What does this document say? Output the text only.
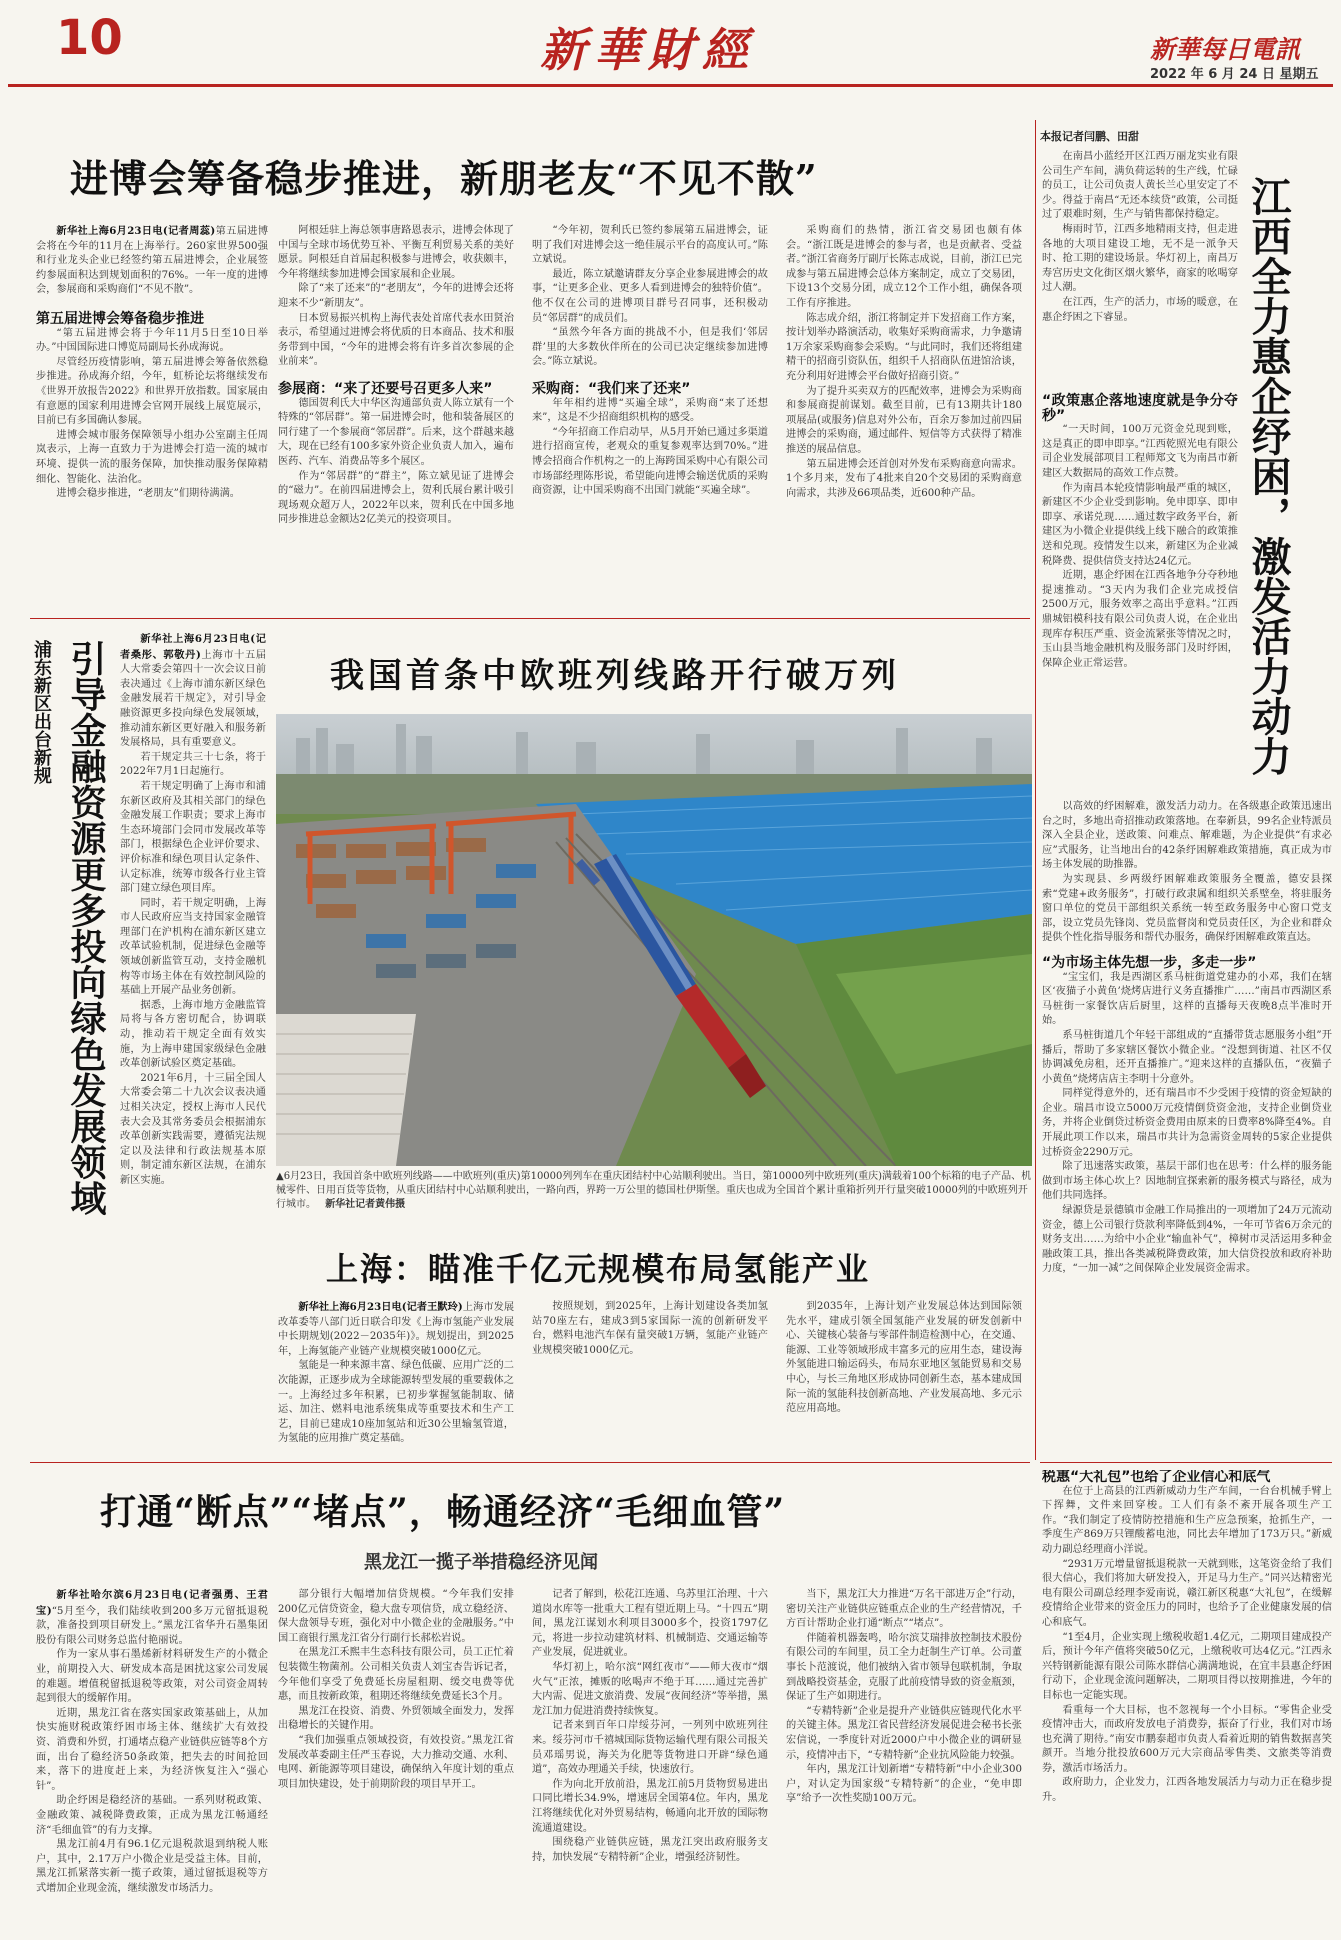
10	新華財經	新華每日電訊
2022 年 6 月 24 日 星期五
进博会筹备稳步推进，新朋老友“不见不散”

新华社上海6月23日电(记者周蕊)第五届进博会将在今年的11月在上海举行。260家世界500强和行业龙头企业已经签约第五届进博会，企业展签约参展面积达到规划面积的76%。一年一度的进博会，参展商和采购商们“不见不散”。

第五届进博会筹备稳步推进

“第五届进博会将于今年11月5日至10日举办。”中国国际进口博览局副局长孙成海说。

尽管经历疫情影响，第五届进博会筹备依然稳步推进。孙成海介绍，今年，虹桥论坛将继续发布《世界开放报告2022》和世界开放指数。国家展由有意愿的国家利用进博会官网开展线上展览展示，目前已有多国确认参展。

进博会城市服务保障领导小组办公室副主任周岚表示，上海一直致力于为进博会打造一流的城市环境、提供一流的服务保障，加快推动服务保障精细化、智能化、法治化。

进博会稳步推进，“老朋友”们期待满满。

阿根廷驻上海总领事唐路恩表示，进博会体现了中国与全球市场优势互补、平衡互利贸易关系的美好愿景。阿根廷自首届起积极参与进博会，收获颇丰，今年将继续参加进博会国家展和企业展。

除了“来了还来”的“老朋友”，今年的进博会还将迎来不少“新朋友”。

日本贸易振兴机构上海代表处首席代表水田贤治表示，希望通过进博会将优质的日本商品、技术和服务带到中国，“今年的进博会将有许多首次参展的企业前来”。

参展商：“来了还要号召更多人来”

德国贺利氏大中华区沟通部负责人陈立斌有一个特殊的“邻居群”。第一届进博会时，他和装备展区的同行建了一个参展商“邻居群”。后来，这个群越来越大，现在已经有100多家外资企业负责人加入，遍布医药、汽车、消费品等多个展区。

作为“邻居群”的“群主”，陈立斌见证了进博会的“磁力”。在前四届进博会上，贺利氏展台累计吸引现场观众超万人，2022年以来，贺利氏在中国多地同步推进总金额达2亿美元的投资项目。

“今年初，贺利氏已签约参展第五届进博会，证明了我们对进博会这一绝佳展示平台的高度认可。”陈立斌说。

最近，陈立斌邀请群友分享企业参展进博会的故事，“让更多企业、更多人看到进博会的独特价值”。他不仅在公司的进博项目群号召同事，还积极动员“邻居群”的成员们。

“虽然今年各方面的挑战不小，但是我们‘邻居群’里的大多数伙伴所在的公司已决定继续参加进博会。”陈立斌说。

采购商：“我们来了还来”

年年相约进博“买遍全球”，采购商“来了还想来”，这是不少招商组织机构的感受。

“今年招商工作启动早，从5月开始已通过多渠道进行招商宣传，老观众的重复参观率达到70%。”进博会招商合作机构之一的上海跨国采购中心有限公司市场部经理陈彤说，希望能向进博会输送优质的采购商资源，让中国采购商不出国门就能“买遍全球”。

采购商们的热情，浙江省交易团也颇有体会。“浙江既是进博会的参与者，也是贡献者、受益者。”浙江省商务厅副厅长陈志成说，目前，浙江已完成参与第五届进博会总体方案制定，成立了交易团，下设13个交易分团，成立12个工作小组，确保各项工作有序推进。

陈志成介绍，浙江将制定并下发招商工作方案，按计划举办路演活动，收集好采购商需求，力争邀请1万余家采购商参会采购。“与此同时，我们还将组建精干的招商引资队伍，组织千人招商队伍进馆洽谈，充分利用好进博会平台做好招商引资。”

为了提升买卖双方的匹配效率，进博会为采购商和参展商提前谋划。截至目前，已有13期共计180项展品(或服务)信息对外公布，百余万参加过前四届进博会的采购商，通过邮件、短信等方式获得了精准推送的展品信息。

第五届进博会还首创对外发布采购商意向需求。1个多月来，发布了4批来自20个交易团的采购商意向需求，共涉及66项品类，近600种产品。

本报记者闫鹏、田甜
江西全力惠企纾困，激发活力动力

在南昌小蓝经开区江西万丽龙实业有限公司生产车间，满负荷运转的生产线，忙碌的员工，让公司负责人黄长兰心里安定了不少。得益于南昌“无还本续贷”政策，公司挺过了艰难时刻，生产与销售都保持稳定。

梅雨时节，江西多地精雨支持，但走进各地的大项目建设工地，无不是一派争天时、抢工期的建设场景。华灯初上，南昌万寿宫历史文化街区烟火繁华，商家的吆喝穿过人潮。

在江西，生产的活力，市场的暖意，在惠企纾困之下睿显。

“政策惠企落地速度就是争分夺秒”

“一天时间，100万元资金兑现到账，这是真正的即申即享。”江西乾照光电有限公司企业发展部项目工程师郑文飞为南昌市新建区大数据局的高效工作点赞。

作为南昌本轮疫情影响最严重的城区，新建区不少企业受到影响。免申即享、即申即享、承诺兑现……通过数字政务平台，新建区为小微企业提供线上线下融合的政策推送和兑现。疫情发生以来，新建区为企业减税降费、提供信贷支持达24亿元。

近期，惠企纾困在江西各地争分夺秒地提速推动。“3天内为我们企业完成授信2500万元，服务效率之高出乎意料。”江西鼎城铝模科技有限公司负责人说，在企业出现库存积压严重、资金流紧张等情况之时，玉山县当地金融机构及服务部门及时纾困，保障企业正常运营。

以高效的纾困解难，激发活力动力。在各级惠企政策迅速出台之时，多地出奇招推动政策落地。在奉新县，99名企业特派员深入全县企业，送政策、问难点、解难题，为企业提供“有求必应”式服务，让当地出台的42条纾困解难政策措施，真正成为市场主体发展的助推器。

为实现县、乡两级纾困解难政策服务全覆盖，德安县探索“党建+政务服务”，打破行政隶属和组织关系壁垒，将驻服务窗口单位的党员干部组织关系统一转至政务服务中心窗口党支部，设立党员先锋岗、党员监督岗和党员责任区，为企业和群众提供个性化指导服务和帮代办服务，确保纾困解难政策直达。

“为市场主体先想一步，多走一步”

“宝宝们，我是西湖区系马桩街道党建办的小邓，我们在辖区‘夜猫子小黄鱼’烧烤店进行义务直播推广……”南昌市西湖区系马桩街一家餐饮店后厨里，这样的直播每天夜晚8点半准时开始。

系马桩街道几个年轻干部组成的“直播带货志愿服务小组”开播后，帮助了多家辖区餐饮小微企业。“没想到街道、社区不仅协调减免房租，还开直播推广。”迎来这样的直播队伍，“夜猫子小黄鱼”烧烤店店主李明十分意外。

同样觉得意外的，还有瑞昌市不少受困于疫情的资金短缺的企业。瑞昌市设立5000万元疫情倒贷资金池，支持企业倒贷业务，并将企业倒贷过桥资金费用由原来的日费率8%降至4%。自开展此项工作以来，瑞昌市共计为急需资金周转的5家企业提供过桥资金2290万元。

除了迅速落实政策，基层干部们也在思考：什么样的服务能做到市场主体心坎上？因地制宜探索新的服务模式与路径，成为他们共同选择。

绿源贷是景德镇市金融工作局推出的一项增加了24万元流动资金，德上公司银行贷款利率降低到4%，一年可节省6万余元的财务支出……为给中小企业“输血补气”，樟树市灵活运用多种金融政策工具，推出各类减税降费政策，加大信贷投放和政府补助力度，“一加一减”之间保障企业发展资金需求。

税惠“大礼包”也给了企业信心和底气

在位于上高县的江西新威动力生产车间，一台台机械手臂上下挥舞，文件来回穿梭。工人们有条不紊开展各项生产工作。“我们制定了疫情防控措施和生产应急预案，抢抓生产，一季度生产869万只锂酸蓄电池，同比去年增加了173万只。”新威动力副总经理商小洋说。

“2931万元增量留抵退税款一天就到账，这笔资金给了我们很大信心，我们将加大研发投入，开足马力生产。”同兴达精密光电有限公司副总经理李爱南说，赣江新区税惠“大礼包”，在缓解疫情给企业带来的资金压力的同时，也给予了企业健康发展的信心和底气。

“1至4月，企业实现上缴税收超1.4亿元，二期项目建成投产后，预计今年产值将突破50亿元，上缴税收可达4亿元。”江西永兴特钢新能源有限公司陈水群信心满满地说，在宜丰县惠企纾困行动下，企业现金流问题解决，二期项目得以按期推进，今年的目标也一定能实现。

看重每一个大目标，也不忽视每一个小目标。“零售企业受疫情冲击大，而政府发放电子消费券，振奋了行业，我们对市场也充满了期待。”南安市鹏泰超市负责人看着近期的销售数据喜笑颜开。当地分批投放600万元大宗商品零售类、文旅类等消费券，激活市场活力。

政府助力，企业发力，江西各地发展活力与动力正在稳步提升。

浦东新区出台新规 引导金融资源更多投向绿色发展领域

新华社上海6月23日电(记者桑彤、郭敬丹)上海市十五届人大常委会第四十一次会议日前表决通过《上海市浦东新区绿色金融发展若干规定》，对引导金融资源更多投向绿色发展领域，推动浦东新区更好融入和服务新发展格局，具有重要意义。

若干规定共三十七条，将于2022年7月1日起施行。

若干规定明确了上海市和浦东新区政府及其相关部门的绿色金融发展工作职责；要求上海市生态环境部门会同市发展改革等部门，根据绿色企业评价要求、评价标准和绿色项目认定条件、认定标准，统筹市级各行业主管部门建立绿色项目库。

同时，若干规定明确，上海市人民政府应当支持国家金融管理部门在沪机构在浦东新区建立改革试验机制，促进绿色金融等领域创新监管互动，支持金融机构等市场主体在有效控制风险的基础上开展产品业务创新。

据悉，上海市地方金融监管局将与各方密切配合，协调联动，推动若干规定全面有效实施，为上海申建国家级绿色金融改革创新试验区奠定基础。

2021年6月，十三届全国人大常委会第二十九次会议表决通过相关决定，授权上海市人民代表大会及其常务委员会根据浦东改革创新实践需要，遵循宪法规定以及法律和行政法规基本原则，制定浦东新区法规，在浦东新区实施。

我国首条中欧班列线路开行破万列
▲6月23日，我国首条中欧班列线路——中欧班列(重庆)第10000列列车在重庆团结村中心站顺利驶出。当日，第10000列中欧班列(重庆)满载着100个标箱的电子产品、机械零件、日用百货等货物，从重庆团结村中心站顺利驶出，一路向西，界跨一万公里的德国杜伊斯堡。重庆也成为全国首个累计重箱折列开行量突破10000列的中欧班列开行城市。 新华社记者黄伟摄
上海：瞄准千亿元规模布局氢能产业

新华社上海6月23日电(记者王默玲)上海市发展改革委等八部门近日联合印发《上海市氢能产业发展中长期规划(2022－2035年)》。规划提出，到2025年，上海氢能产业链产业规模突破1000亿元。

氢能是一种来源丰富、绿色低碳、应用广泛的二次能源，正逐步成为全球能源转型发展的重要载体之一。上海经过多年积累，已初步掌握氢能制取、储运、加注、燃料电池系统集成等重要技术和生产工艺，目前已建成10座加氢站和近30公里输氢管道，为氢能的应用推广奠定基础。

按照规划，到2025年，上海计划建设各类加氢站70座左右，建成3到5家国际一流的创新研发平台，燃料电池汽车保有量突破1万辆，氢能产业链产业规模突破1000亿元。

到2035年，上海计划产业发展总体达到国际领先水平，建成引领全国氢能产业发展的研发创新中心、关键核心装备与零部件制造检测中心，在交通、能源、工业等领域形成丰富多元的应用生态，建设海外氢能进口输运码头，布局东亚地区氢能贸易和交易中心，与长三角地区形成协同创新生态，基本建成国际一流的氢能科技创新高地、产业发展高地、多元示范应用高地。

打通“断点”“堵点”，畅通经济“毛细血管”
黑龙江一揽子举措稳经济见闻

新华社哈尔滨6月23日电(记者强勇、王君宝)“5月至今，我们陆续收到200多万元留抵退税款，准备投到项目研发上。”黑龙江省华升石墨集团股份有限公司财务总监付艳丽说。

作为一家从事石墨烯新材料研发生产的小微企业，前期投入大、研发成本高是困扰这家公司发展的难题。增值税留抵退税等政策，对公司资金周转起到很大的缓解作用。

近期，黑龙江省在落实国家政策基础上，从加快实施财税政策纾困市场主体、继续扩大有效投资、消费和外贸，打通堵点稳产业链供应链等8个方面，出台了稳经济50条政策，把失去的时间抢回来，落下的进度赶上来，为经济恢复注入“强心针”。

助企纾困是稳经济的基础。一系列财税政策、金融政策、减税降费政策，正成为黑龙江畅通经济“毛细血管”的有力支撑。

黑龙江前4月有96.1亿元退税款退到纳税人账户，其中，2.17万户小微企业是受益主体。目前，黑龙江抓紧落实新一揽子政策，通过留抵退税等方式增加企业现金流，继续激发市场活力。

部分银行大幅增加信贷规模。“今年我们安排200亿元信贷资金，稳大盘专项信贷，成立稳经济、保大盘领导专班，强化对中小微企业的金融服务。”中国工商银行黑龙江省分行副行长郝松岩说。

在黑龙江禾熙丰生态科技有限公司，员工正忙着包装微生物菌剂。公司相关负责人刘宝杏告诉记者，今年他们享受了免费延长房屋租期、缓交电费等优惠，而且按新政策，租期还将继续免费延长3个月。

黑龙江在投资、消费、外贸领域全面发力，发挥出稳增长的关键作用。

“我们加强重点领域投资，有效投资。”黑龙江省发展改革委副主任严玉春说，大力推动交通、水利、电网、新能源等项目建设，确保纳入年度计划的重点项目加快建设，处于前期阶段的项目早开工。

记者了解到，松花江连通、乌苏里江治理、十六道岗水库等一批重大工程有望近期上马。“十四五”期间，黑龙江谋划水利项目3000多个，投资1797亿元，将进一步拉动建筑材料、机械制造、交通运输等产业发展，促进就业。

华灯初上，哈尔滨“网红夜市”——师大夜市“烟火气”正浓，摊贩的吆喝声不绝于耳……通过完善扩大内需、促进文旅消费、发展“夜间经济”等举措，黑龙江加力促进消费持续恢复。

记者来到百年口岸绥芬河，一列列中欧班列往来。绥芬河市千禧城国际货物运输代理有限公司报关员邓瑶男说，海关为化肥等货物进口开辟“绿色通道”，高效办理通关手续，快速放行。

作为向北开放前沿，黑龙江前5月货物贸易进出口同比增长34.9%，增速居全国第4位。年内，黑龙江将继续优化对外贸易结构，畅通向北开放的国际物流通道建设。

围绕稳产业链供应链，黑龙江突出政府服务支持，加快发展“专精特新”企业，增强经济韧性。

当下，黑龙江大力推进“万名干部进万企”行动，密切关注产业链供应链重点企业的生产经营情况，千方百计帮助企业打通“断点”“堵点”。

伴随着机器轰鸣，哈尔滨艾瑞排放控制技术股份有限公司的车间里，员工全力赶制生产订单。公司董事长卜范渡说，他们被纳入省市领导包联机制，争取到战略投资基金，克服了此前疫情导致的资金瓶颈，保证了生产如期进行。

“专精特新”企业是提升产业链供应链现代化水平的关键主体。黑龙江省民营经济发展促进会秘书长张宏信说，一季度针对近2000户中小微企业的调研显示，疫情冲击下，“专精特新”企业抗风险能力较强。

年内，黑龙江计划新增“专精特新”中小企业300户，对认定为国家级“专精特新”的企业，“免申即享”给予一次性奖励100万元。
